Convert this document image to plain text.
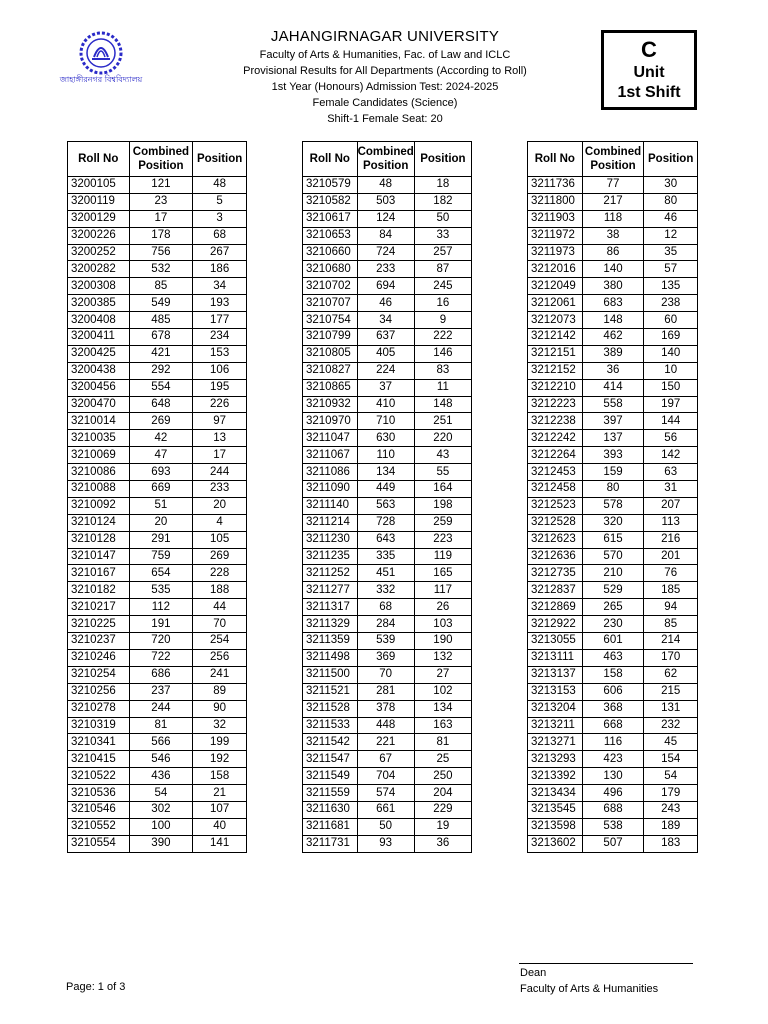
জাহাঙ্গীরনগর বিশ্ববিদ্যালয়
JAHANGIRNAGAR UNIVERSITY
Faculty of Arts & Humanities, Fac. of Law and ICLC
Provisional Results for All Departments (According to Roll)
1st Year (Honours) Admission Test: 2024-2025
Female Candidates (Science)
Shift-1 Female Seat: 20
C
Unit
1st Shift
Roll No	Combined Position	Position
3200105	121	48
3200119	23	5
3200129	17	3
3200226	178	68
3200252	756	267
3200282	532	186
3200308	85	34
3200385	549	193
3200408	485	177
3200411	678	234
3200425	421	153
3200438	292	106
3200456	554	195
3200470	648	226
3210014	269	97
3210035	42	13
3210069	47	17
3210086	693	244
3210088	669	233
3210092	51	20
3210124	20	4
3210128	291	105
3210147	759	269
3210167	654	228
3210182	535	188
3210217	112	44
3210225	191	70
3210237	720	254
3210246	722	256
3210254	686	241
3210256	237	89
3210278	244	90
3210319	81	32
3210341	566	199
3210415	546	192
3210522	436	158
3210536	54	21
3210546	302	107
3210552	100	40
3210554	390	141
Roll No	Combined Position	Position
3210579	48	18
3210582	503	182
3210617	124	50
3210653	84	33
3210660	724	257
3210680	233	87
3210702	694	245
3210707	46	16
3210754	34	9
3210799	637	222
3210805	405	146
3210827	224	83
3210865	37	11
3210932	410	148
3210970	710	251
3211047	630	220
3211067	110	43
3211086	134	55
3211090	449	164
3211140	563	198
3211214	728	259
3211230	643	223
3211235	335	119
3211252	451	165
3211277	332	117
3211317	68	26
3211329	284	103
3211359	539	190
3211498	369	132
3211500	70	27
3211521	281	102
3211528	378	134
3211533	448	163
3211542	221	81
3211547	67	25
3211549	704	250
3211559	574	204
3211630	661	229
3211681	50	19
3211731	93	36
Roll No	Combined Position	Position
3211736	77	30
3211800	217	80
3211903	118	46
3211972	38	12
3211973	86	35
3212016	140	57
3212049	380	135
3212061	683	238
3212073	148	60
3212142	462	169
3212151	389	140
3212152	36	10
3212210	414	150
3212223	558	197
3212238	397	144
3212242	137	56
3212264	393	142
3212453	159	63
3212458	80	31
3212523	578	207
3212528	320	113
3212623	615	216
3212636	570	201
3212735	210	76
3212837	529	185
3212869	265	94
3212922	230	85
3213055	601	214
3213111	463	170
3213137	158	62
3213153	606	215
3213204	368	131
3213211	668	232
3213271	116	45
3213293	423	154
3213392	130	54
3213434	496	179
3213545	688	243
3213598	538	189
3213602	507	183
Page: 1 of 3
Dean
Faculty of Arts & Humanities
